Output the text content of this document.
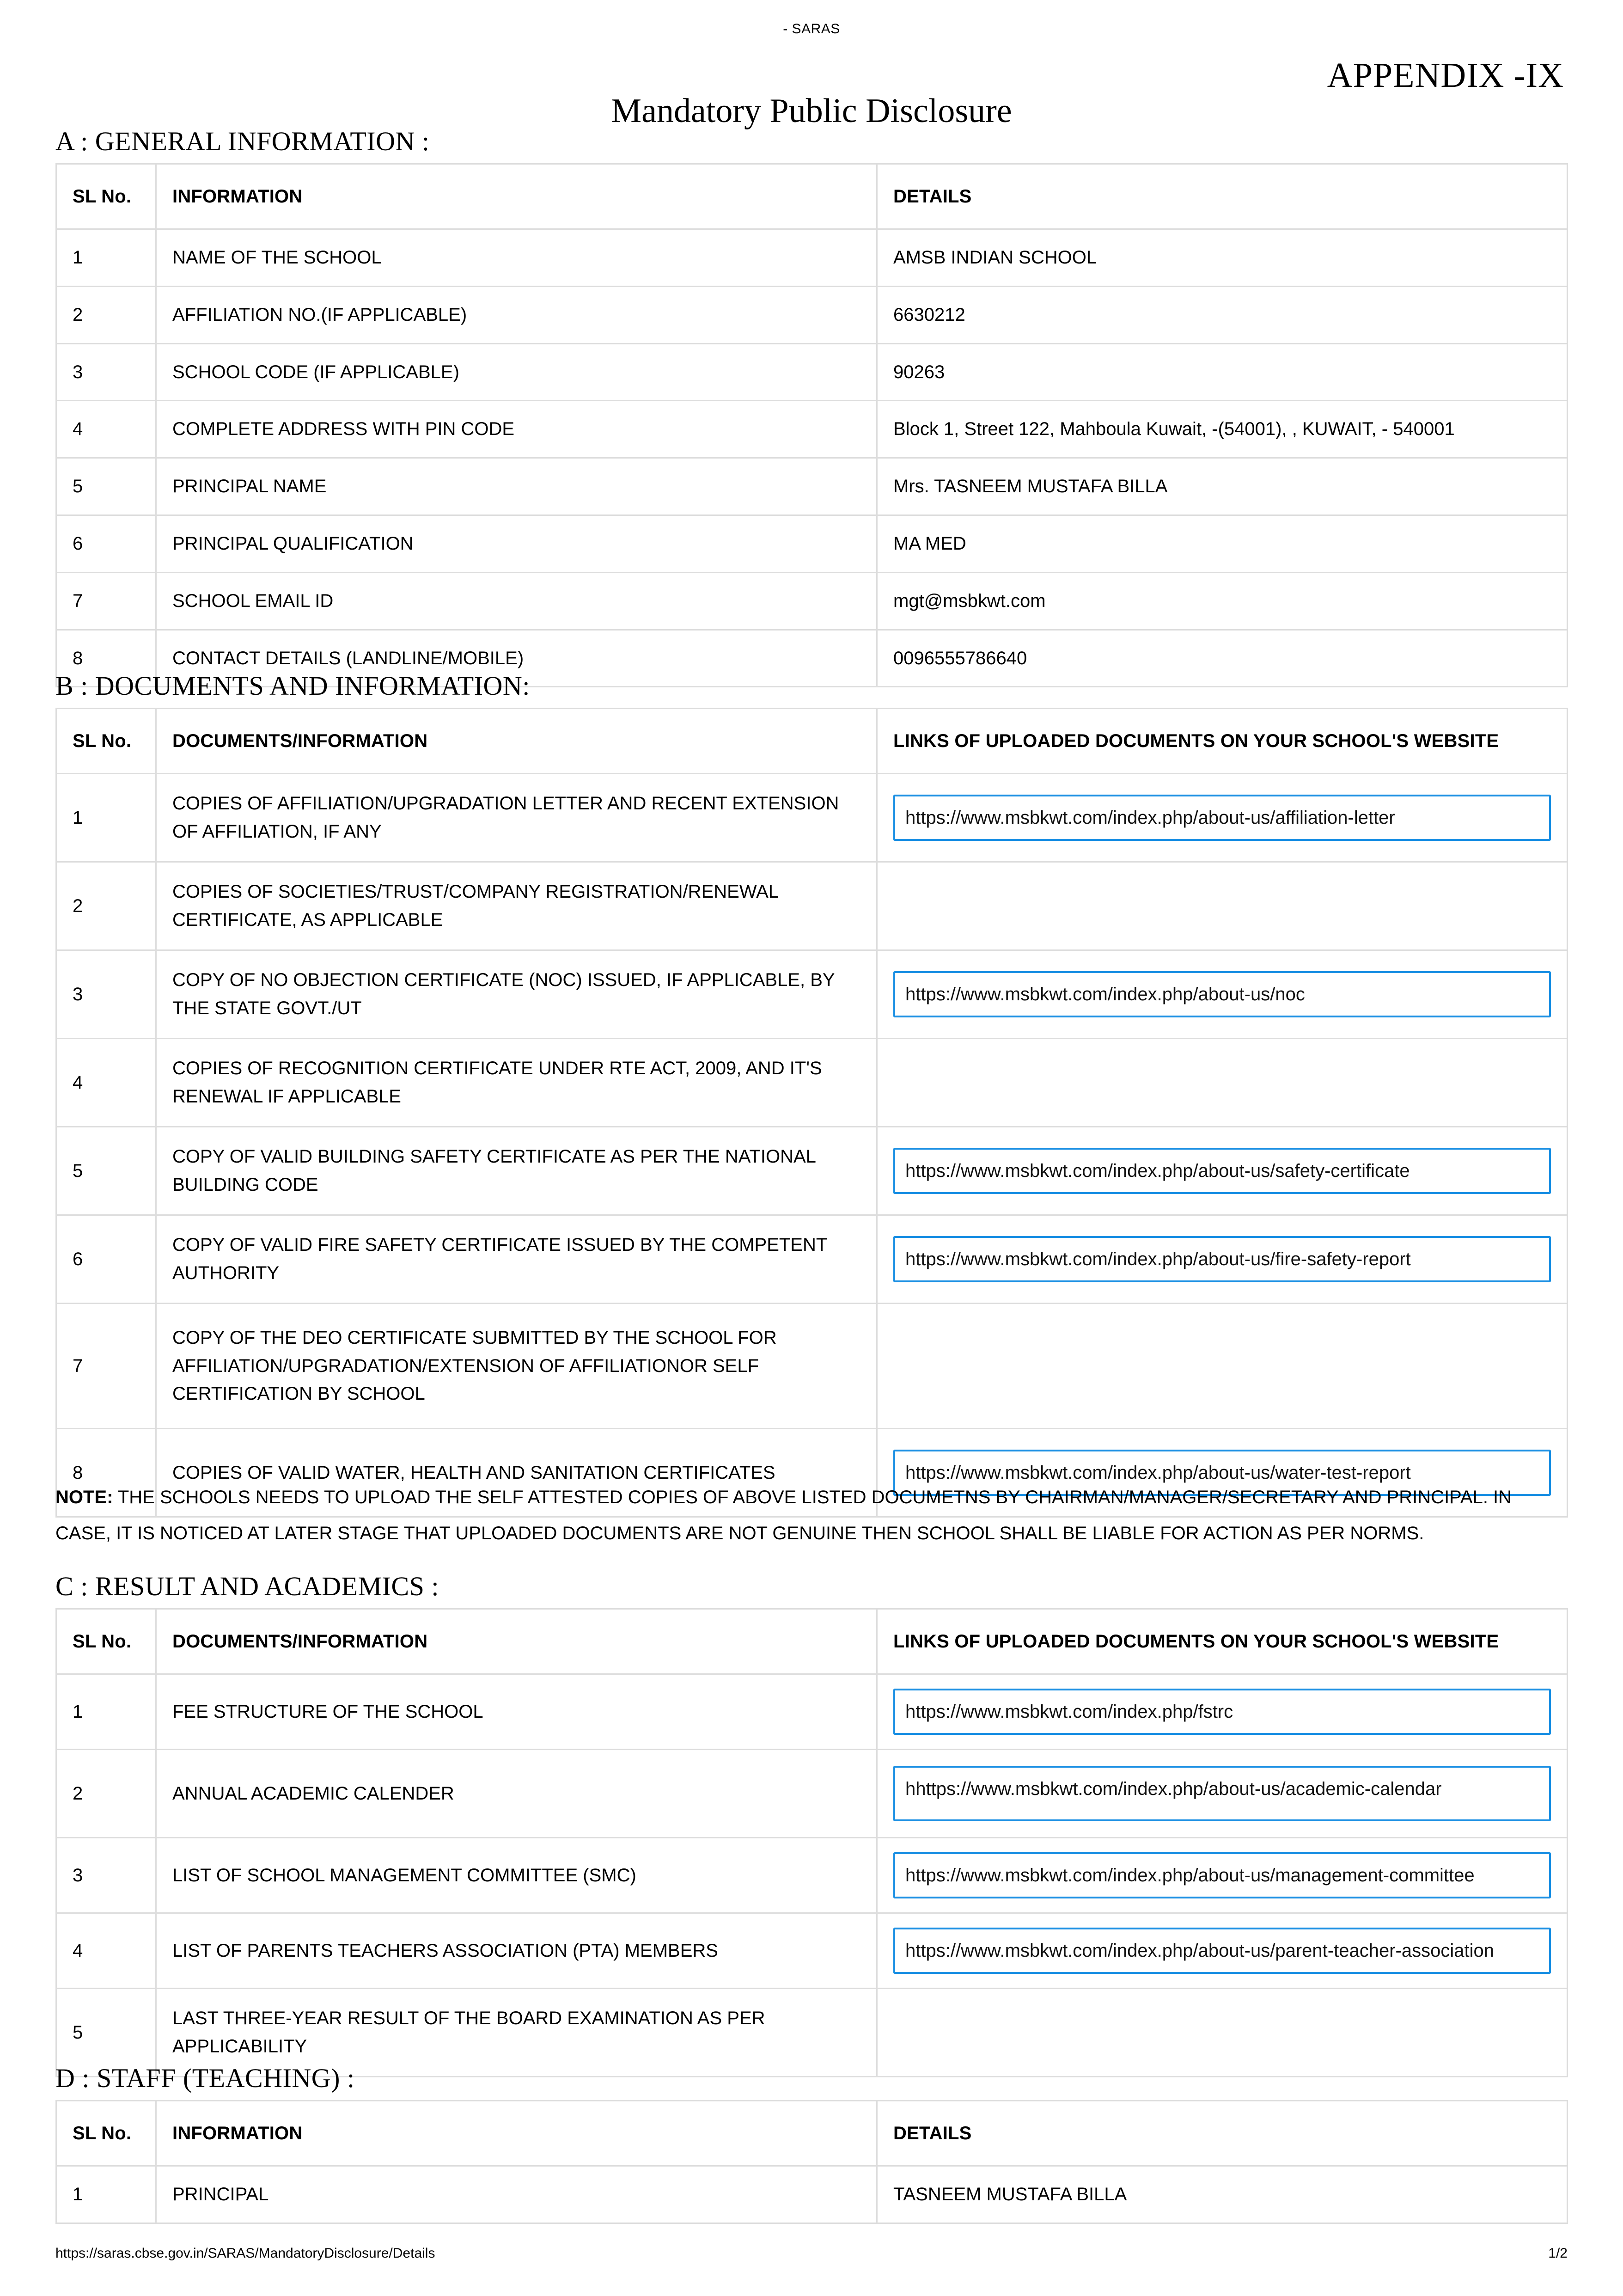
- SARAS
APPENDIX -IX
Mandatory Public Disclosure
A : GENERAL INFORMATION :
SL No.	INFORMATION	DETAILS
1	NAME OF THE SCHOOL	AMSB INDIAN SCHOOL
2	AFFILIATION NO.(IF APPLICABLE)	6630212
3	SCHOOL CODE (IF APPLICABLE)	90263
4	COMPLETE ADDRESS WITH PIN CODE	Block 1, Street 122, Mahboula Kuwait, -(54001), , KUWAIT, - 540001
5	PRINCIPAL NAME	Mrs. TASNEEM MUSTAFA BILLA
6	PRINCIPAL QUALIFICATION	MA MED
7	SCHOOL EMAIL ID	mgt@msbkwt.com
8	CONTACT DETAILS (LANDLINE/MOBILE)	0096555786640
B : DOCUMENTS AND INFORMATION:
SL No.	DOCUMENTS/INFORMATION	LINKS OF UPLOADED DOCUMENTS ON YOUR SCHOOL'S WEBSITE
1	COPIES OF AFFILIATION/UPGRADATION LETTER AND RECENT EXTENSION OF AFFILIATION, IF ANY	https://www.msbkwt.com/index.php/about-us/affiliation-letter

2	COPIES OF SOCIETIES/TRUST/COMPANY REGISTRATION/RENEWAL CERTIFICATE, AS APPLICABLE	
3	COPY OF NO OBJECTION CERTIFICATE (NOC) ISSUED, IF APPLICABLE, BY THE STATE GOVT./UT	https://www.msbkwt.com/index.php/about-us/noc

4	COPIES OF RECOGNITION CERTIFICATE UNDER RTE ACT, 2009, AND IT'S RENEWAL IF APPLICABLE	
5	COPY OF VALID BUILDING SAFETY CERTIFICATE AS PER THE NATIONAL BUILDING CODE	https://www.msbkwt.com/index.php/about-us/safety-certificate

6	COPY OF VALID FIRE SAFETY CERTIFICATE ISSUED BY THE COMPETENT AUTHORITY	https://www.msbkwt.com/index.php/about-us/fire-safety-report

7	COPY OF THE DEO CERTIFICATE SUBMITTED BY THE SCHOOL FOR AFFILIATION/UPGRADATION/EXTENSION OF AFFILIATIONOR SELF CERTIFICATION BY SCHOOL	
8	COPIES OF VALID WATER, HEALTH AND SANITATION CERTIFICATES	https://www.msbkwt.com/index.php/about-us/water-test-report
NOTE: THE SCHOOLS NEEDS TO UPLOAD THE SELF ATTESTED COPIES OF ABOVE LISTED DOCUMETNS BY CHAIRMAN/MANAGER/SECRETARY AND PRINCIPAL. IN CASE, IT IS NOTICED AT LATER STAGE THAT UPLOADED DOCUMENTS ARE NOT GENUINE THEN SCHOOL SHALL BE LIABLE FOR ACTION AS PER NORMS.
C : RESULT AND ACADEMICS :
SL No.	DOCUMENTS/INFORMATION	LINKS OF UPLOADED DOCUMENTS ON YOUR SCHOOL'S WEBSITE
1	FEE STRUCTURE OF THE SCHOOL	https://www.msbkwt.com/index.php/fstrc

2	ANNUAL ACADEMIC CALENDER	hhttps://www.msbkwt.com/index.php/about-us/academic-calendar

3	LIST OF SCHOOL MANAGEMENT COMMITTEE (SMC)	https://www.msbkwt.com/index.php/about-us/management-committee

4	LIST OF PARENTS TEACHERS ASSOCIATION (PTA) MEMBERS	https://www.msbkwt.com/index.php/about-us/parent-teacher-association

5	LAST THREE-YEAR RESULT OF THE BOARD EXAMINATION AS PER APPLICABILITY	
D : STAFF (TEACHING) :
SL No.	INFORMATION	DETAILS
1	PRINCIPAL	TASNEEM MUSTAFA BILLA
https://saras.cbse.gov.in/SARAS/MandatoryDisclosure/Details	1/2
